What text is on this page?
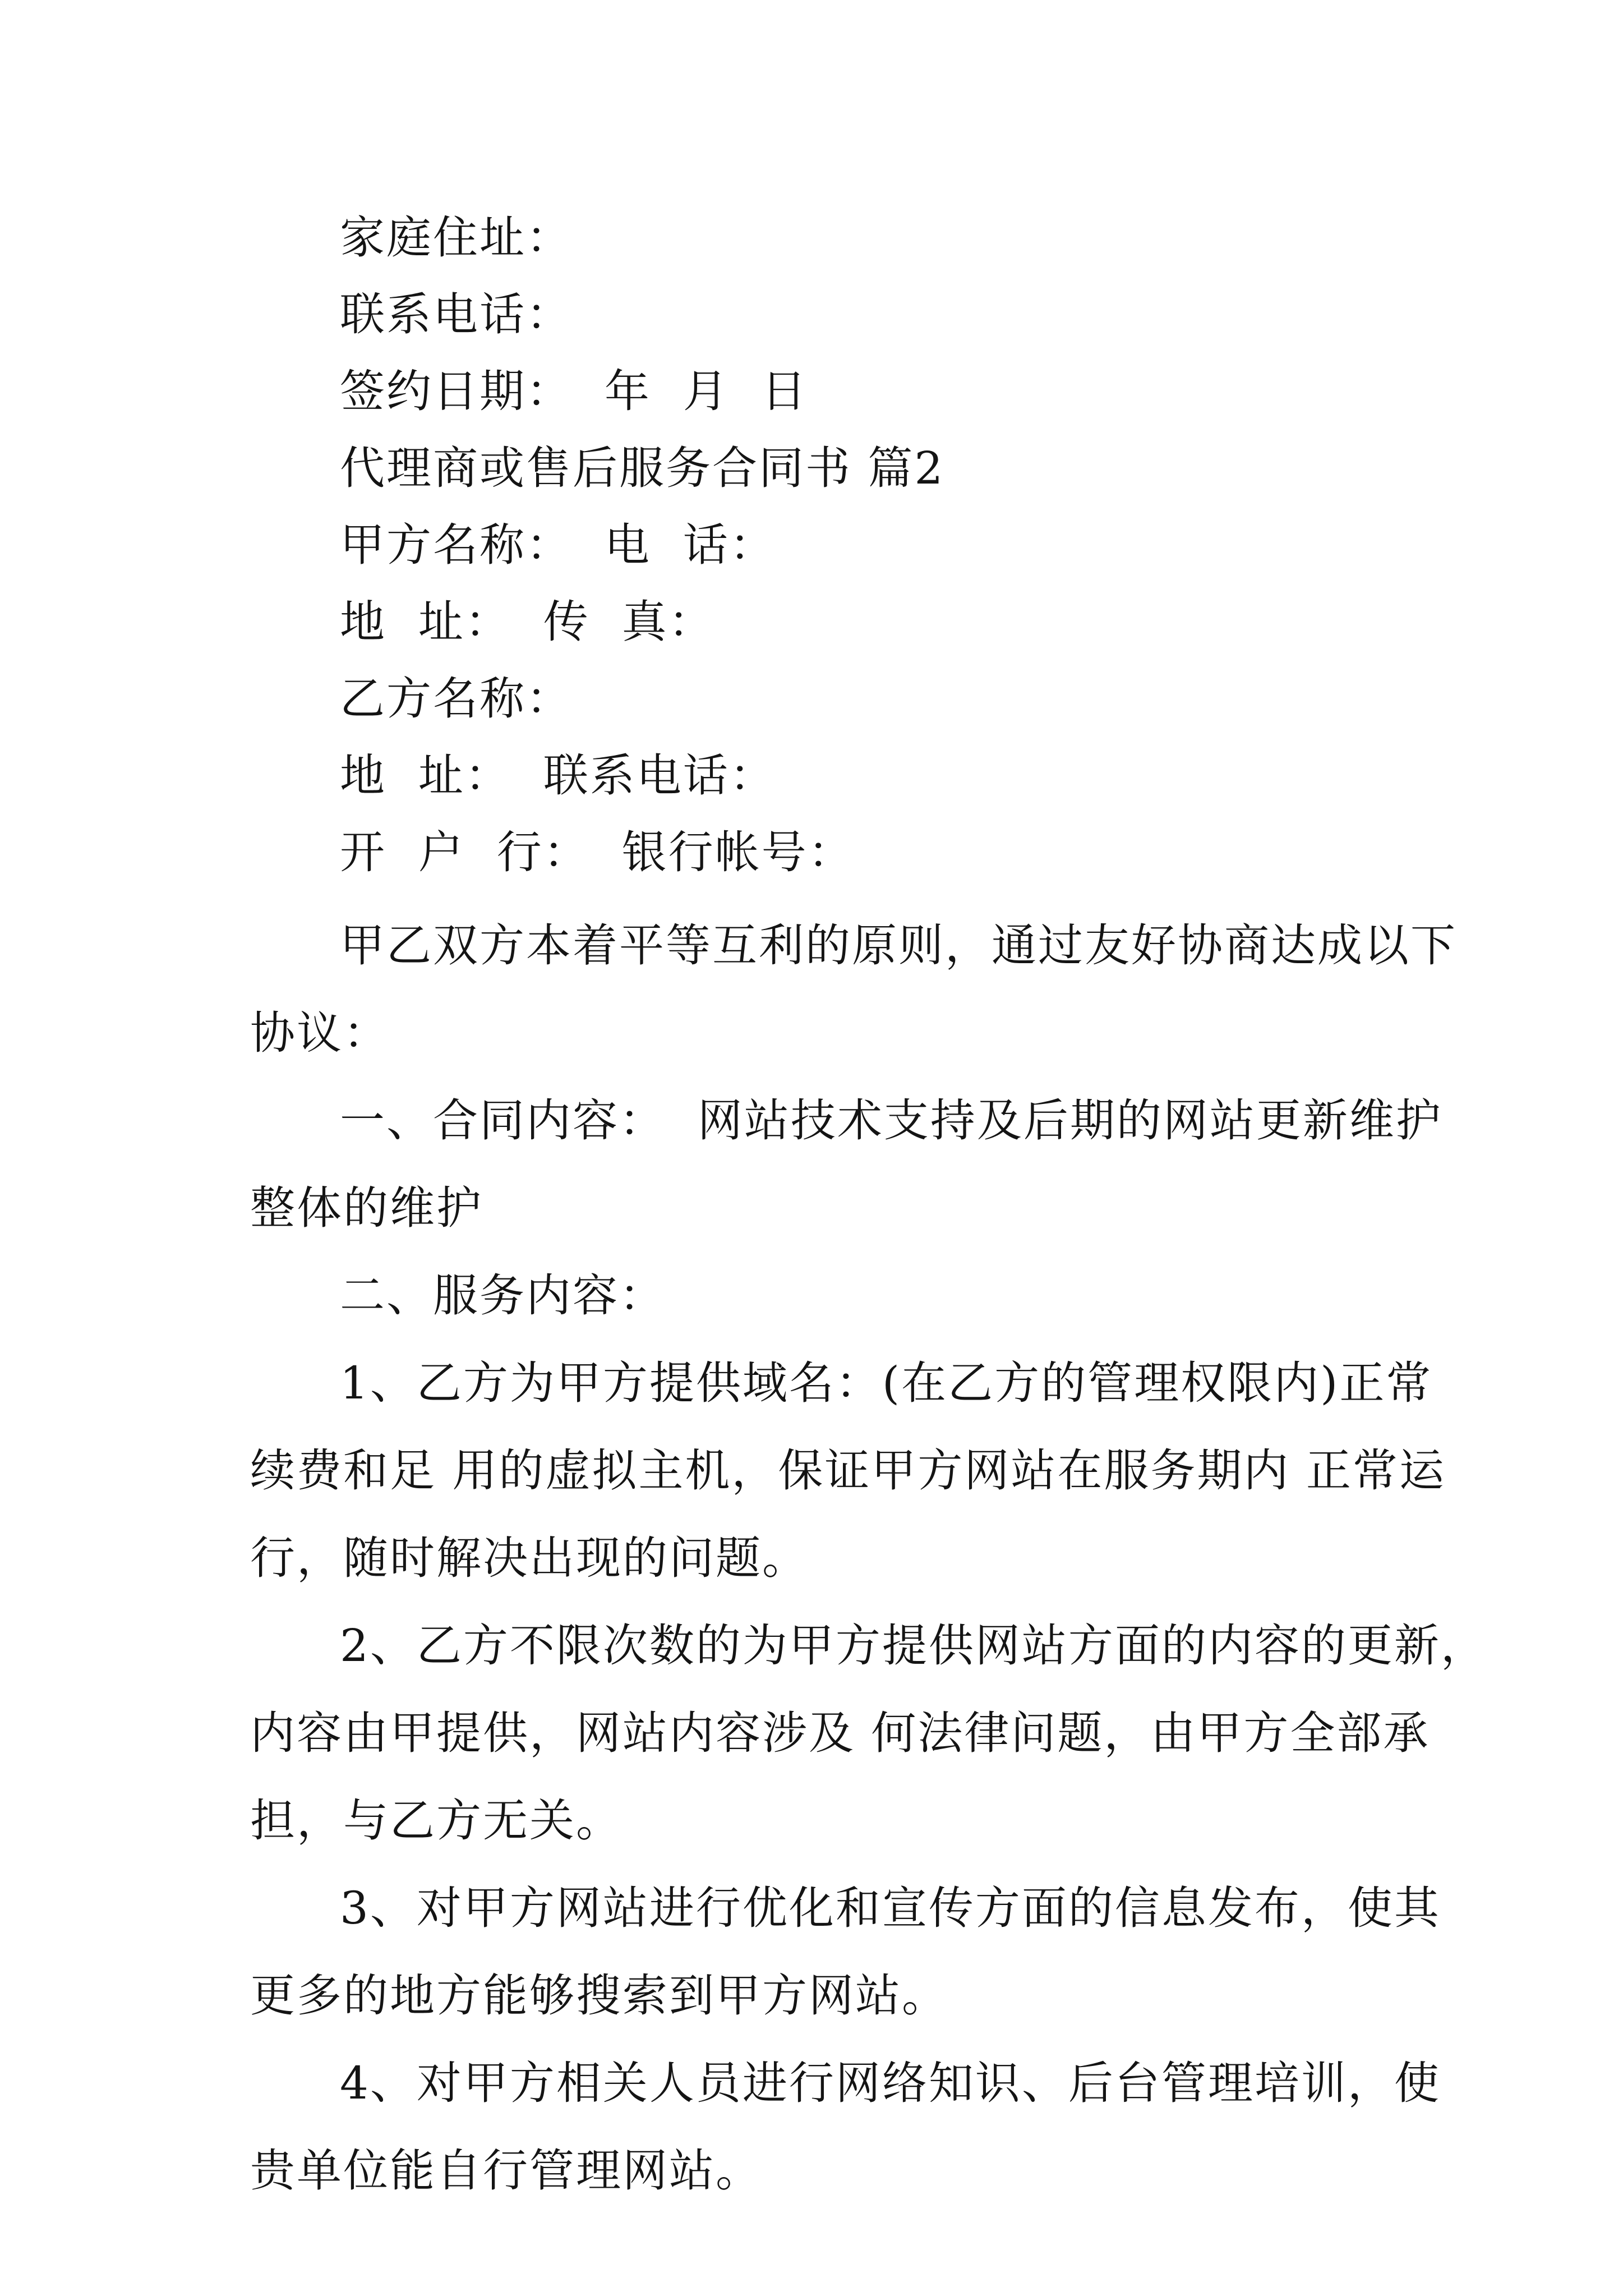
家庭住址：
联系电话：
签约日期：  年  月  日
代理商或售后服务合同书 篇2
甲方名称：  电  话：
地  址：  传  真：
乙方名称：
地  址：  联系电话：
开  户  行：  银行帐号：
甲乙双方本着平等互利的原则，通过友好协商达成以下
协议：
一、合同内容：  网站技术支持及后期的网站更新维护
整体的维护
二、服务内容：
1、乙方为甲方提供域名：(在乙方的管理权限内)正常
续费和足 用的虚拟主机，保证甲方网站在服务期内 正常运
行，随时解决出现的问题。
2、乙方不限次数的为甲方提供网站方面的内容的更新，
内容由甲提供，网站内容涉及 何法律问题，由甲方全部承
担，与乙方无关。
3、对甲方网站进行优化和宣传方面的信息发布，使其
更多的地方能够搜索到甲方网站。
4、对甲方相关人员进行网络知识、后台管理培训，使
贵单位能自行管理网站。
